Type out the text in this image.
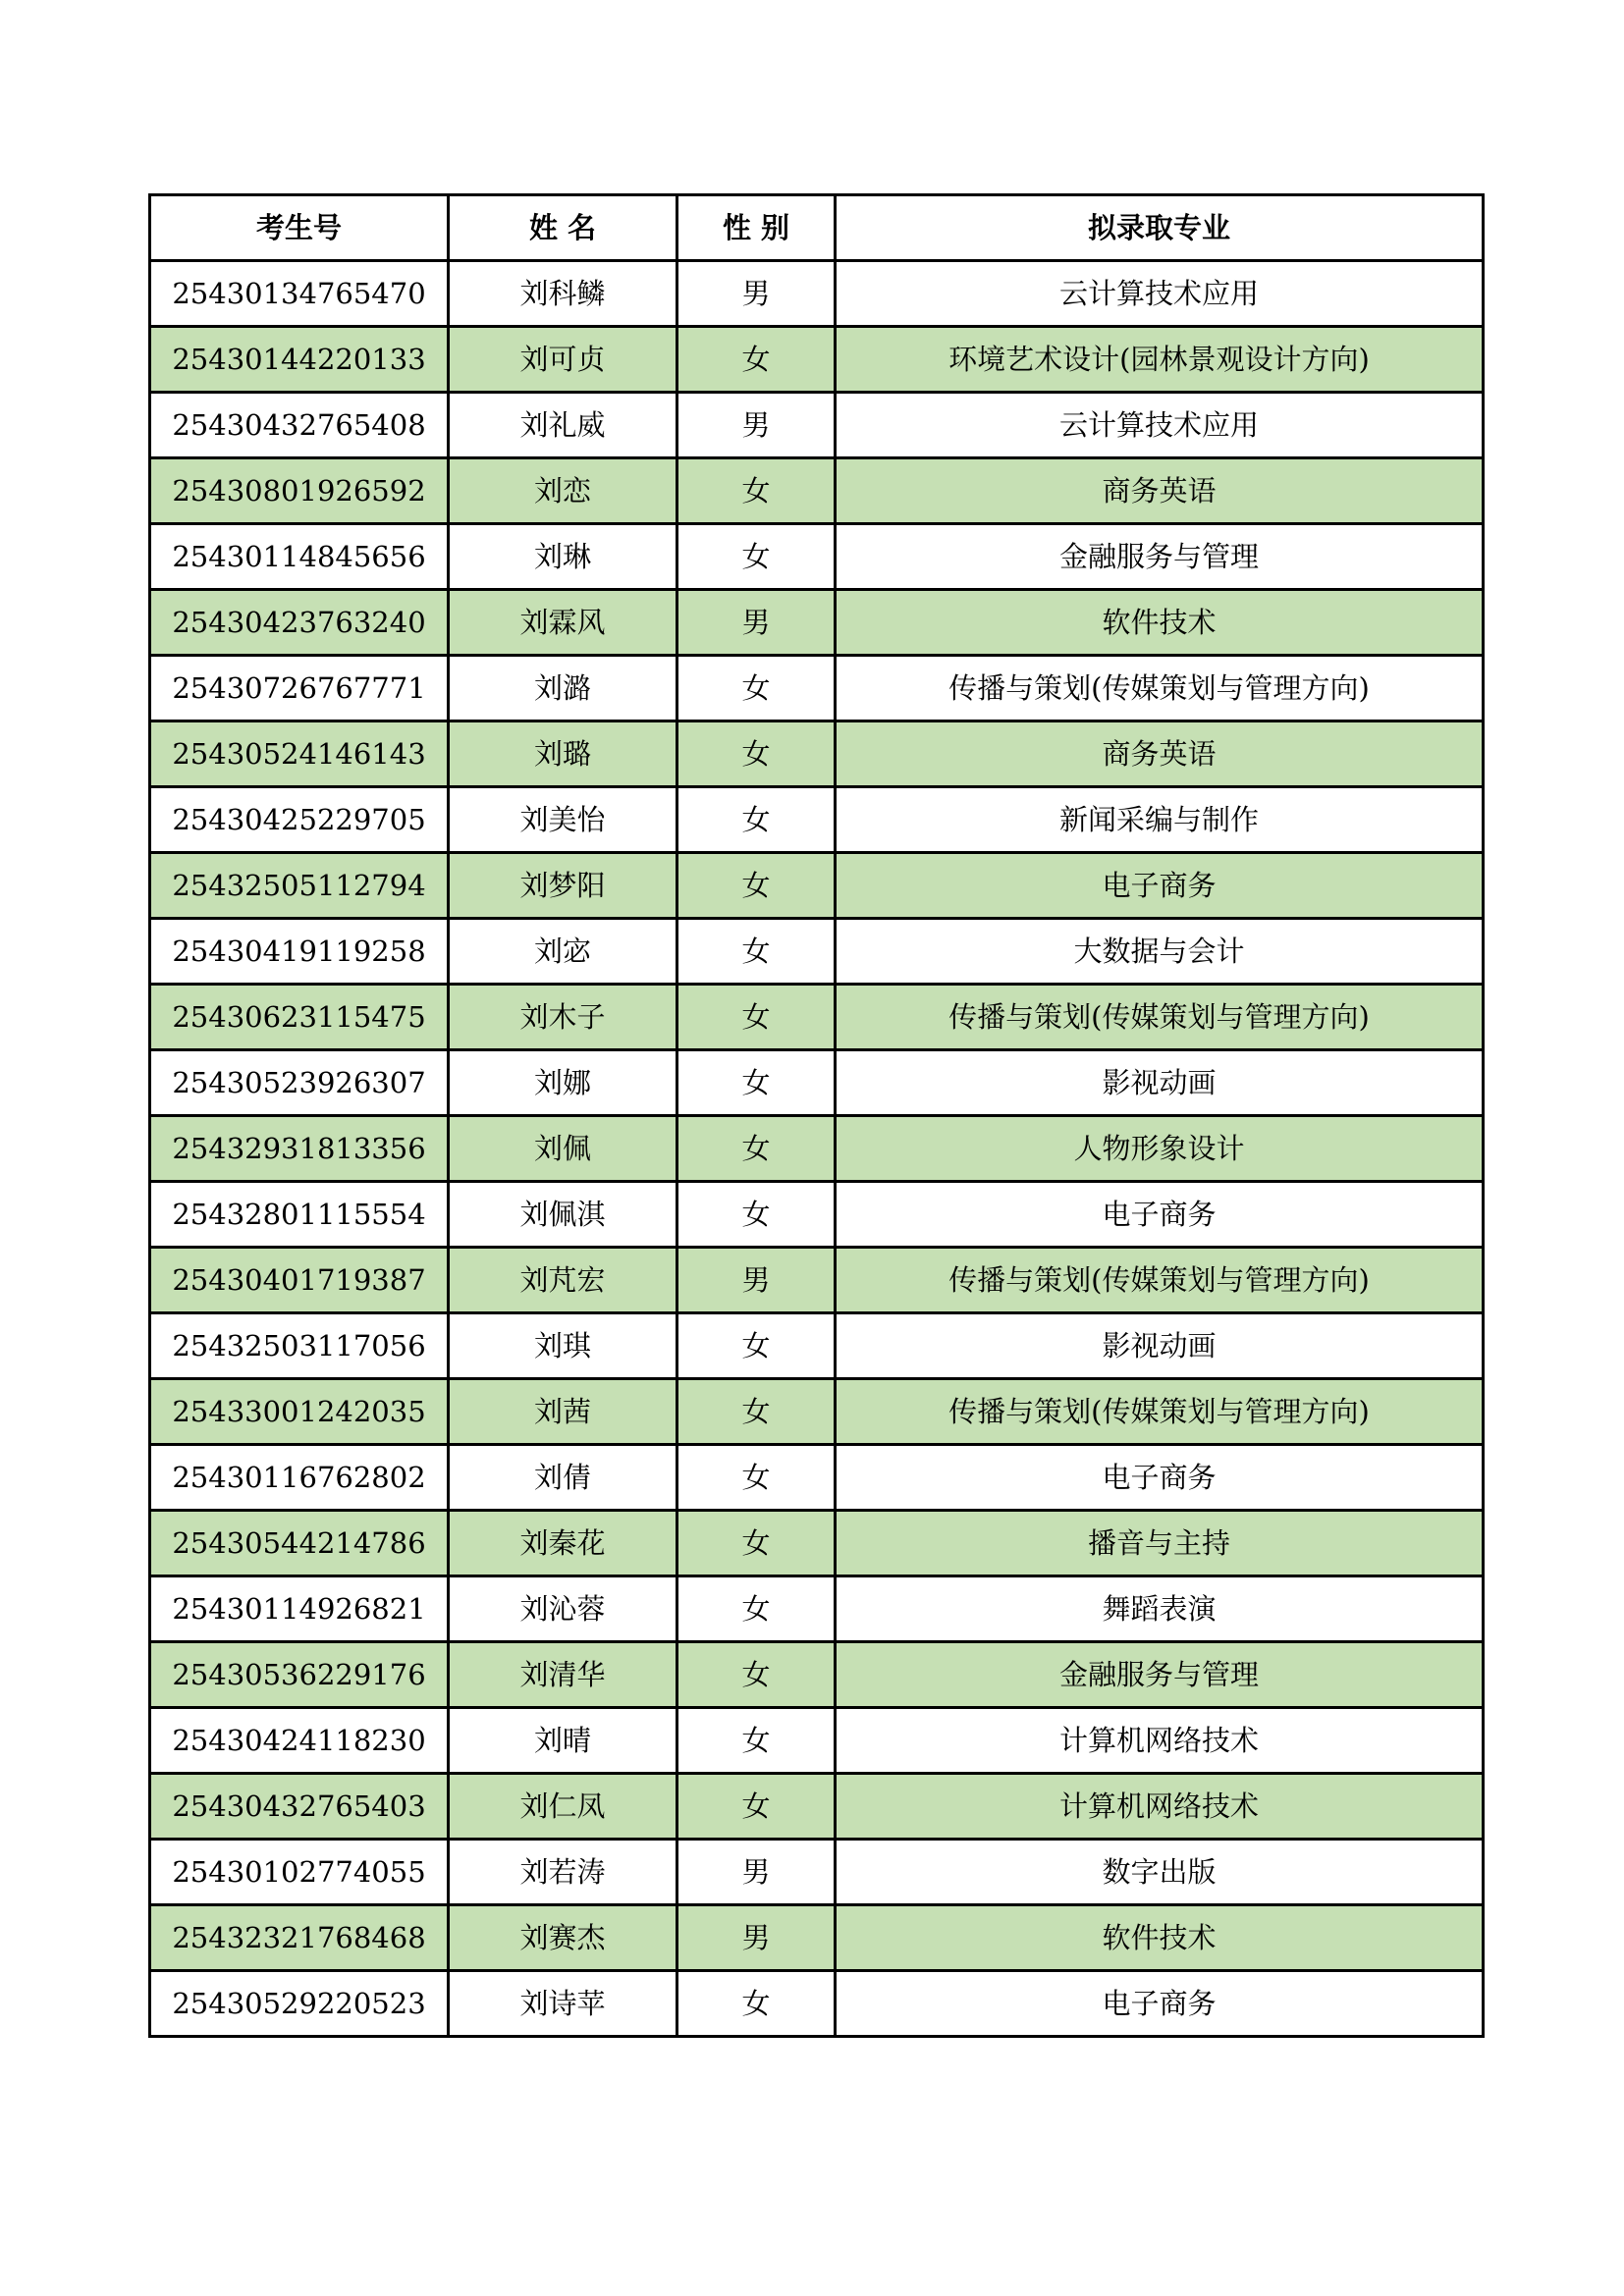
考生号	姓 名	性 别	拟录取专业
25430134765470	刘科鳞	男	云计算技术应用
25430144220133	刘可贞	女	环境艺术设计(园林景观设计方向)
25430432765408	刘礼威	男	云计算技术应用
25430801926592	刘恋	女	商务英语
25430114845656	刘琳	女	金融服务与管理
25430423763240	刘霖风	男	软件技术
25430726767771	刘潞	女	传播与策划(传媒策划与管理方向)
25430524146143	刘璐	女	商务英语
25430425229705	刘美怡	女	新闻采编与制作
25432505112794	刘梦阳	女	电子商务
25430419119258	刘宓	女	大数据与会计
25430623115475	刘木子	女	传播与策划(传媒策划与管理方向)
25430523926307	刘娜	女	影视动画
25432931813356	刘佩	女	人物形象设计
25432801115554	刘佩淇	女	电子商务
25430401719387	刘芃宏	男	传播与策划(传媒策划与管理方向)
25432503117056	刘琪	女	影视动画
25433001242035	刘茜	女	传播与策划(传媒策划与管理方向)
25430116762802	刘倩	女	电子商务
25430544214786	刘秦花	女	播音与主持
25430114926821	刘沁蓉	女	舞蹈表演
25430536229176	刘清华	女	金融服务与管理
25430424118230	刘晴	女	计算机网络技术
25430432765403	刘仁凤	女	计算机网络技术
25430102774055	刘若涛	男	数字出版
25432321768468	刘赛杰	男	软件技术
25430529220523	刘诗苹	女	电子商务
